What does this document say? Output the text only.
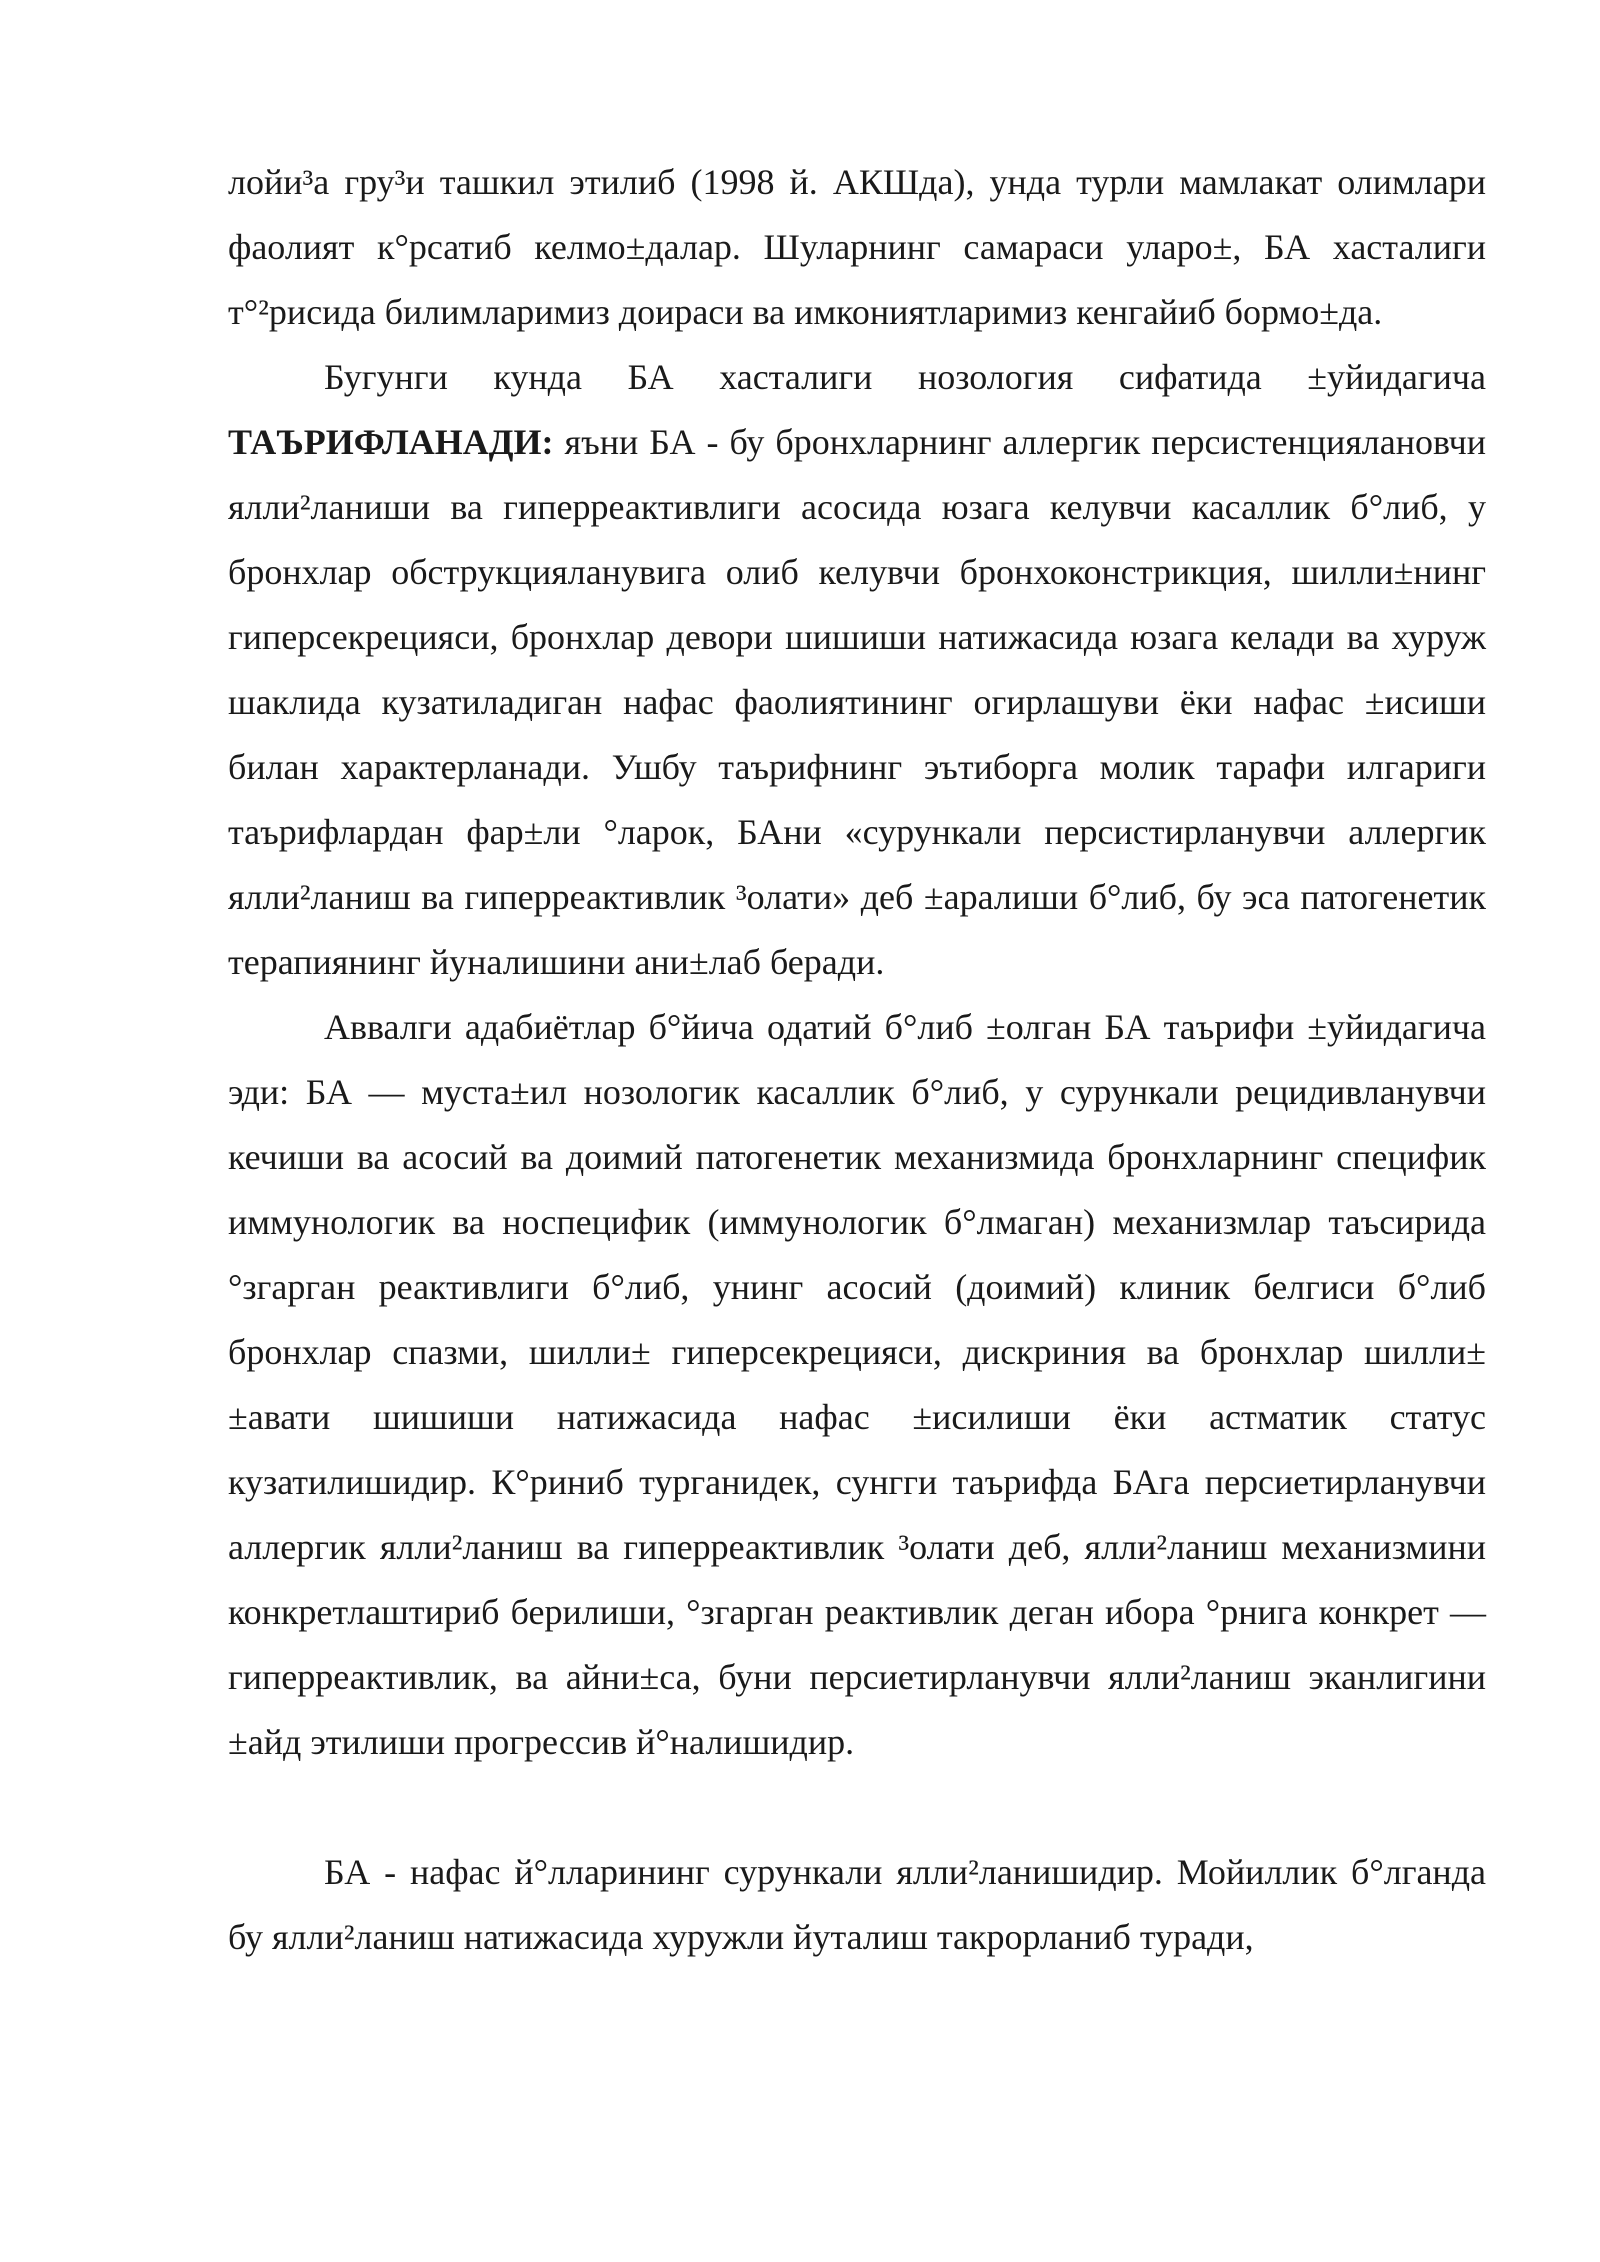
лойи³а гру³и ташкил этилиб (1998 й. АКШда), унда турли мамлакат олимлари фаолият к°рсатиб келмо±далар. Шуларнинг самараси уларо±, БА хасталиги т°²рисида билимларимиз доираси ва имкониятларимиз кенгайиб бормо±да.

Бугунги кунда БА хасталиги нозология сифатида ±уйидагича ТАЪРИФЛАНАДИ: яъни БА - бу бронхларнинг аллергик персистенциялановчи ялли²ланиши ва гиперреактивлиги асосида юзага келувчи касаллик б°либ, у бронхлар обструкцияланувига олиб келувчи бронхоконстрикция, шилли±нинг гиперсекрецияси, бронхлар девори шишиши натижасида юзага келади ва хуруж шаклида кузатиладиган нафас фаолиятининг огирлашуви ёки нафас ±исиши билан характерланади. Ушбу таърифнинг эътиборга молик тарафи илгариги таърифлардан фар±ли °ларок, БАни «сурункали персистирланувчи аллергик ялли²ланиш ва гиперреактивлик ³олати» деб ±аралиши б°либ, бу эса патогенетик терапиянинг йуналишини ани±лаб беради.

Аввалги адабиётлар б°йича одатий б°либ ±олган БА таърифи ±уйидагича эди: БА — муста±ил нозологик касаллик б°либ, у сурункали рецидивланувчи кечиши ва асосий ва доимий патогенетик механизмида бронхларнинг специфик иммунологик ва носпецифик (иммунологик б°лмаган) механизмлар таъсирида °згарган реактивлиги б°либ, унинг асосий (доимий) клиник белгиси б°либ бронхлар спазми, шилли± гиперсекрецияси, дискриния ва бронхлар шилли± ±авати шишиши натижасида нафас ±исилиши ёки астматик статус кузатилишидир. К°риниб турганидек, сунгги таърифда БАга персиетирланувчи аллергик ялли²ланиш ва гиперреактивлик ³олати деб, ялли²ланиш механизмини конкретлаштириб берилиши, °згарган реактивлик деган ибора °рнига конкрет — гиперреактивлик, ва айни±са, буни персиетирланувчи ялли²ланиш эканлигини ±айд этилиши прогрессив й°налишидир.

БА - нафас й°лларининг сурункали ялли²ланишидир. Мойиллик б°лганда бу ялли²ланиш натижасида хуружли йуталиш такрорланиб туради,
